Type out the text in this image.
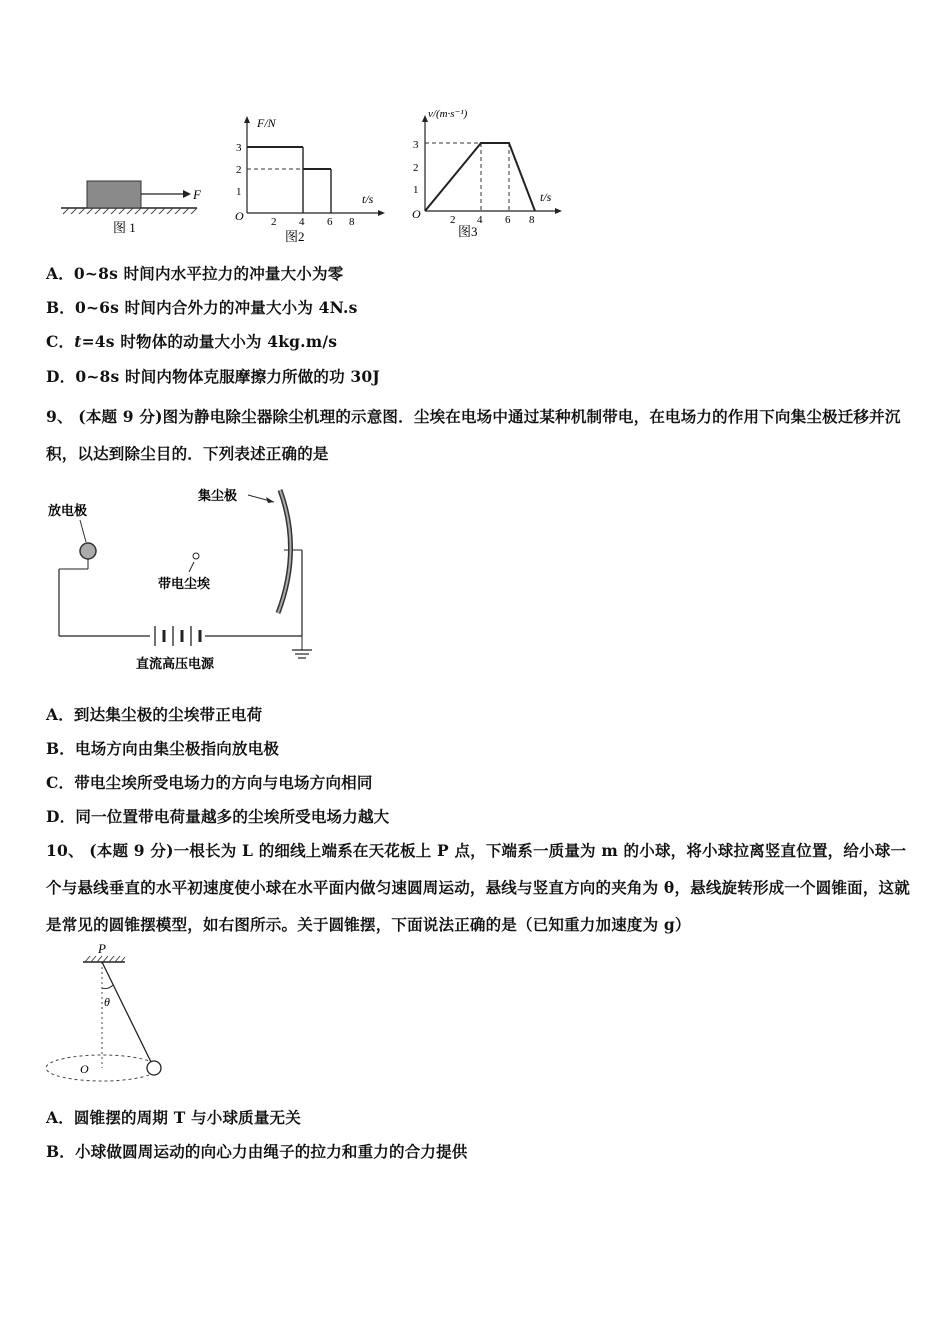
F
图 1
F/N
t/s
O
1
2
3
2 4 6 8
图2
v/(m·s⁻¹)
t/s
O
1
2
3
2 4 6 8
图3
A．0~8s 时间内水平拉力的冲量大小为零
B．0~6s 时间内合外力的冲量大小为 4N.s
C．t=4s 时物体的动量大小为 4kg.m/s
D．0~8s 时间内物体克服摩擦力所做的功 30J
9、 (本题 9 分)图为静电除尘器除尘机理的示意图．尘埃在电场中通过某种机制带电，在电场力的作用下向集尘极迁移并沉积，以达到除尘目的．下列表述正确的是
放电极
集尘极
带电尘埃
直流高压电源
A．到达集尘极的尘埃带正电荷
B．电场方向由集尘极指向放电极
C．带电尘埃所受电场力的方向与电场方向相同
D．同一位置带电荷量越多的尘埃所受电场力越大
10、 (本题 9 分)一根长为 L 的细线上端系在天花板上 P 点，下端系一质量为 m 的小球，将小球拉离竖直位置，给小球一个与悬线垂直的水平初速度使小球在水平面内做匀速圆周运动，悬线与竖直方向的夹角为 θ，悬线旋转形成一个圆锥面，这就是常见的圆锥摆模型，如右图所示。关于圆锥摆，下面说法正确的是（已知重力加速度为 g）
P
θ
O
A．圆锥摆的周期 T 与小球质量无关
B．小球做圆周运动的向心力由绳子的拉力和重力的合力提供
